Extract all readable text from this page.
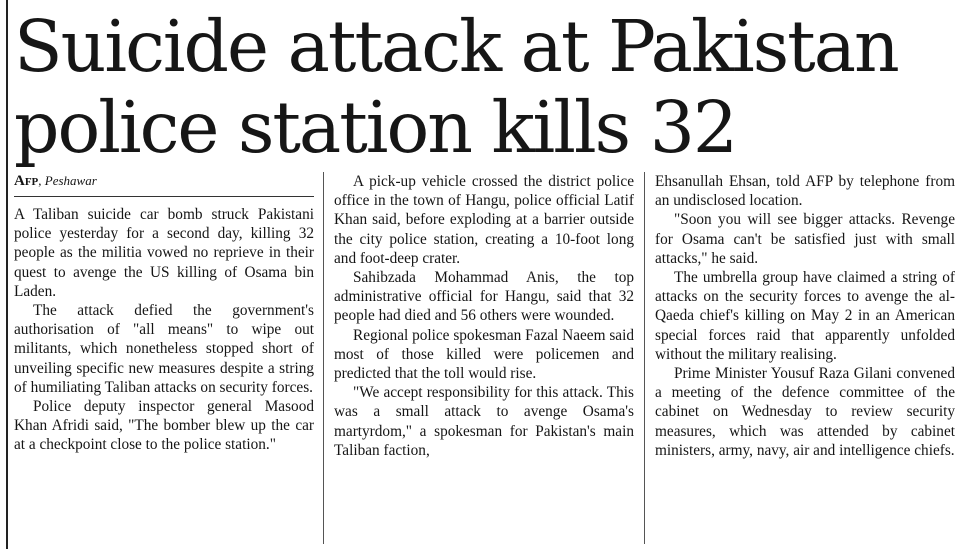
Suicide attack at Pakistan
police station kills 32
Afp, Peshawar

A Taliban suicide car bomb struck Pakistani police yesterday for a second day, killing 32 people as the militia vowed no reprieve in their quest to avenge the US killing of Osama bin Laden.

The attack defied the government's authorisation of "all means" to wipe out militants, which nonetheless stopped short of unveiling specific new measures despite a string of humiliating Taliban attacks on security forces.

Police deputy inspector general Masood Khan Afridi said, "The bomber blew up the car at a checkpoint close to the police station."

A pick-up vehicle crossed the district police office in the town of Hangu, police official Latif Khan said, before exploding at a barrier outside the city police station, creating a 10-foot long and foot-deep crater.

Sahibzada Mohammad Anis, the top administrative official for Hangu, said that 32 people had died and 56 others were wounded.

Regional police spokesman Fazal Naeem said most of those killed were policemen and predicted that the toll would rise.

"We accept responsibility for this attack. This was a small attack to avenge Osama's martyrdom," a spokesman for Pakistan's main Taliban faction,

Ehsanullah Ehsan, told AFP by telephone from an undisclosed location.

"Soon you will see bigger attacks. Revenge for Osama can't be satisfied just with small attacks," he said.

The umbrella group have claimed a string of attacks on the security forces to avenge the al-Qaeda chief's killing on May 2 in an American special forces raid that apparently unfolded without the military realising.

Prime Minister Yousuf Raza Gilani convened a meeting of the defence committee of the cabinet on Wednesday to review security measures, which was attended by cabinet ministers, army, navy, air and intelligence chiefs.
